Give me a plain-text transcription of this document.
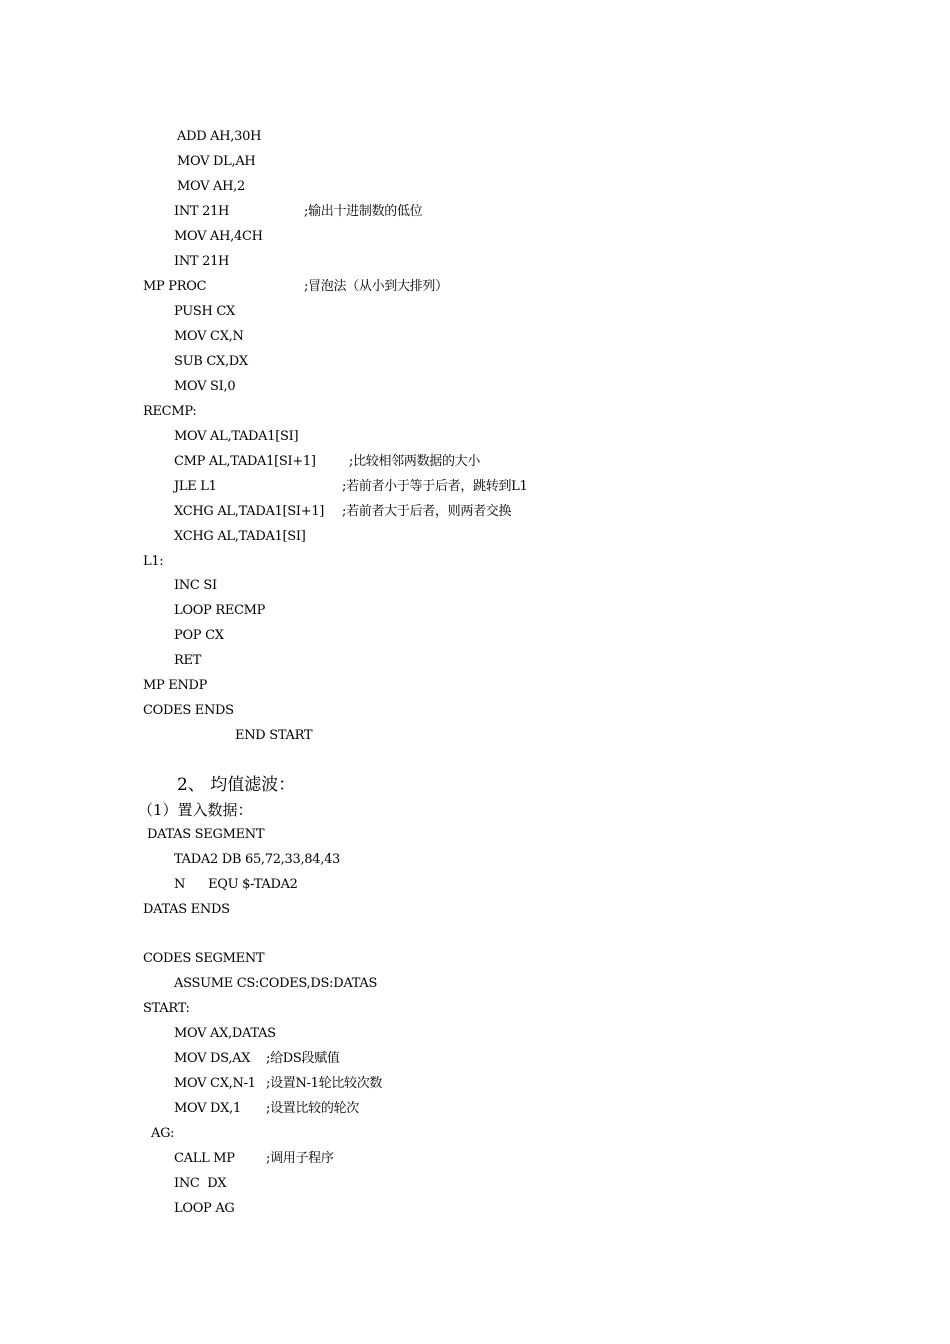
ADD AH,30H
MOV DL,AH
MOV AH,2
INT 21H	;输出十进制数的低位
MOV AH,4CH
INT 21H
MP PROC	;冒泡法（从小到大排列）
PUSH CX
MOV CX,N
SUB CX,DX
MOV SI,0
RECMP:
MOV AL,TADA1[SI]
CMP AL,TADA1[SI+1]	;比较相邻两数据的大小
JLE L1	;若前者小于等于后者，跳转到L1
XCHG AL,TADA1[SI+1] ;若前者大于后者，则两者交换
XCHG AL,TADA1[SI]
L1:
INC SI
LOOP RECMP
POP CX
RET
MP ENDP
CODES ENDS
END START
2、 均值滤波：
（1）置入数据：
DATAS SEGMENT
TADA2 DB 65,72,33,84,43
N      EQU $-TADA2
DATAS ENDS
CODES SEGMENT
ASSUME CS:CODES,DS:DATAS
START:
MOV AX,DATAS
MOV DS,AX ;给DS段赋值
MOV CX,N-1 ;设置N-1轮比较次数
MOV DX,1 ;设置比较的轮次
AG:
CALL MP ;调用子程序
INC  DX
LOOP AG
